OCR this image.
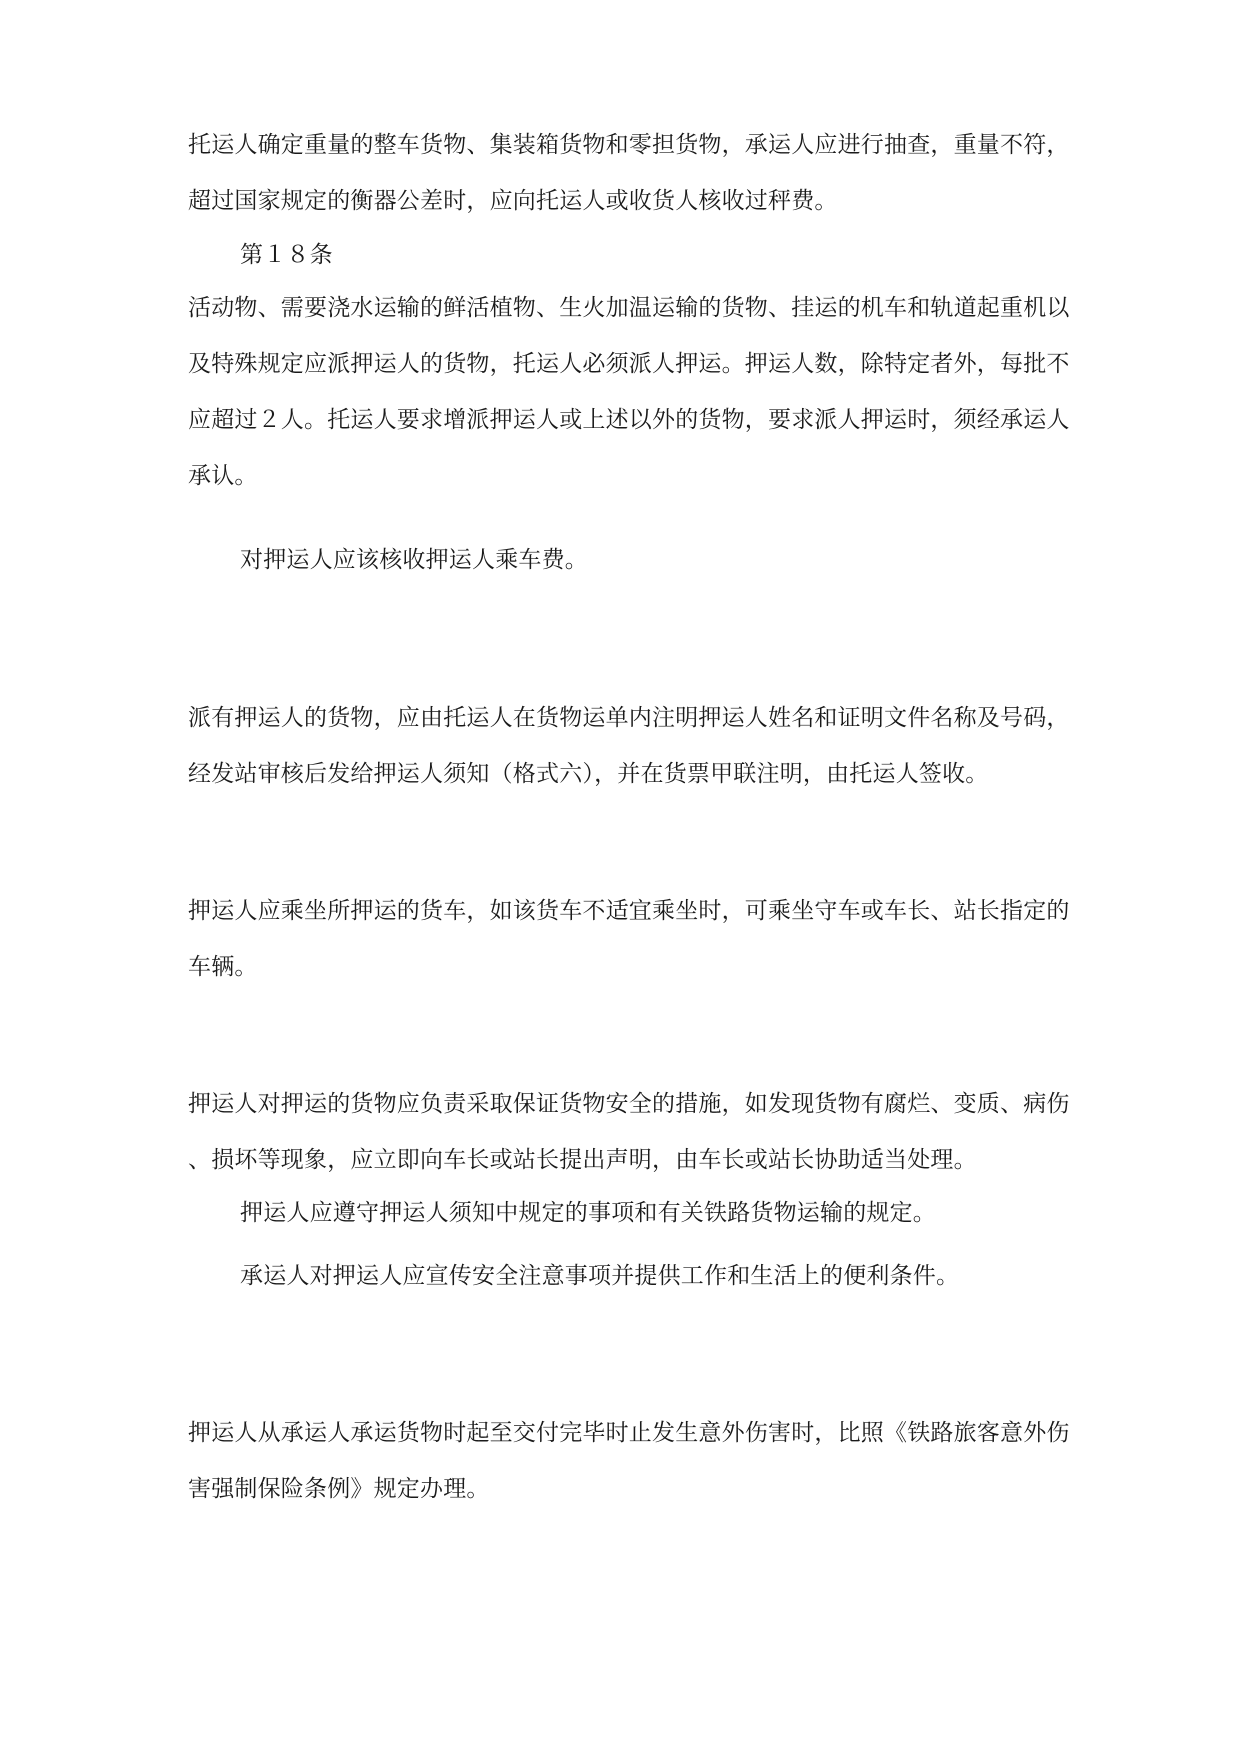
托运人确定重量的整车货物、集装箱货物和零担货物，承运人应进行抽查，重量不符，
超过国家规定的衡器公差时，应向托运人或收货人核收过秤费。
第１８条
活动物、需要浇水运输的鲜活植物、生火加温运输的货物、挂运的机车和轨道起重机以
及特殊规定应派押运人的货物，托运人必须派人押运。押运人数，除特定者外，每批不
应超过２人。托运人要求增派押运人或上述以外的货物，要求派人押运时，须经承运人
承认。
对押运人应该核收押运人乘车费。
派有押运人的货物，应由托运人在货物运单内注明押运人姓名和证明文件名称及号码，
经发站审核后发给押运人须知（格式六），并在货票甲联注明，由托运人签收。
押运人应乘坐所押运的货车，如该货车不适宜乘坐时，可乘坐守车或车长、站长指定的
车辆。
押运人对押运的货物应负责采取保证货物安全的措施，如发现货物有腐烂、变质、病伤
、损坏等现象，应立即向车长或站长提出声明，由车长或站长协助适当处理。
押运人应遵守押运人须知中规定的事项和有关铁路货物运输的规定。
承运人对押运人应宣传安全注意事项并提供工作和生活上的便利条件。
押运人从承运人承运货物时起至交付完毕时止发生意外伤害时，比照《铁路旅客意外伤
害强制保险条例》规定办理。
